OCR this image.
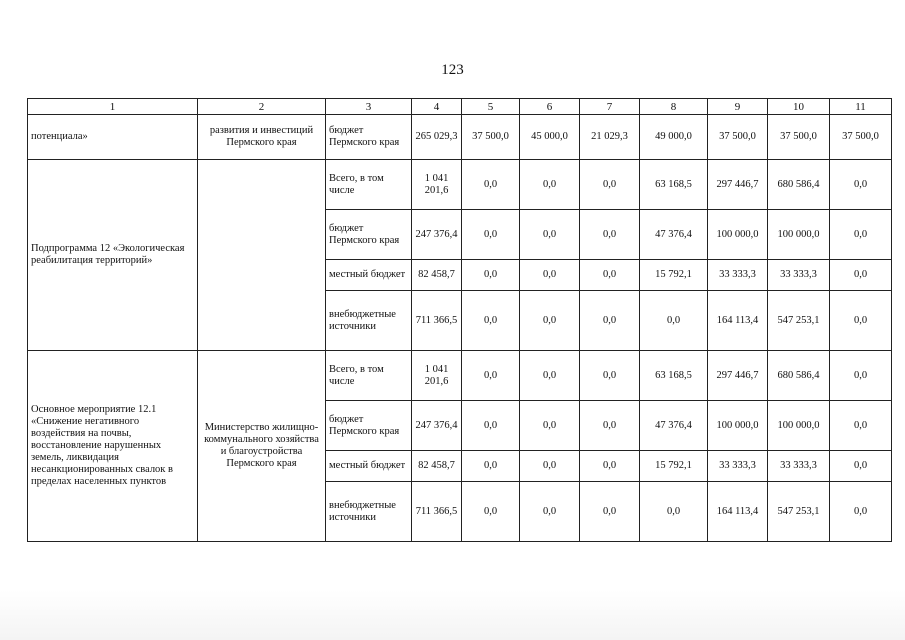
123
1	2	3	4	5	6	7	8	9	10	11
потенциала»	развития и инвестиций Пермского края	бюджет Пермского края	265 029,3	37 500,0	45 000,0	21 029,3	49 000,0	37 500,0	37 500,0	37 500,0
Подпрограмма 12 «Экологическая реабилитация территорий»		Всего, в том числе	1 041 201,6	0,0	0,0	0,0	63 168,5	297 446,7	680 586,4	0,0
		бюджет Пермского края	247 376,4	0,0	0,0	0,0	47 376,4	100 000,0	100 000,0	0,0
		местный бюджет	82 458,7	0,0	0,0	0,0	15 792,1	33 333,3	33 333,3	0,0
		внебюджетные источники	711 366,5	0,0	0,0	0,0	0,0	164 113,4	547 253,1	0,0
Основное мероприятие 12.1 «Снижение негативного воздействия на почвы, восстановление нарушенных земель, ликвидация несанкционированных свалок в пределах населенных пунктов	Министерство жилищно-коммунального хозяйства и благоустройства Пермского края	Всего, в том числе	1 041 201,6	0,0	0,0	0,0	63 168,5	297 446,7	680 586,4	0,0
		бюджет Пермского края	247 376,4	0,0	0,0	0,0	47 376,4	100 000,0	100 000,0	0,0
		местный бюджет	82 458,7	0,0	0,0	0,0	15 792,1	33 333,3	33 333,3	0,0
		внебюджетные источники	711 366,5	0,0	0,0	0,0	0,0	164 113,4	547 253,1	0,0
